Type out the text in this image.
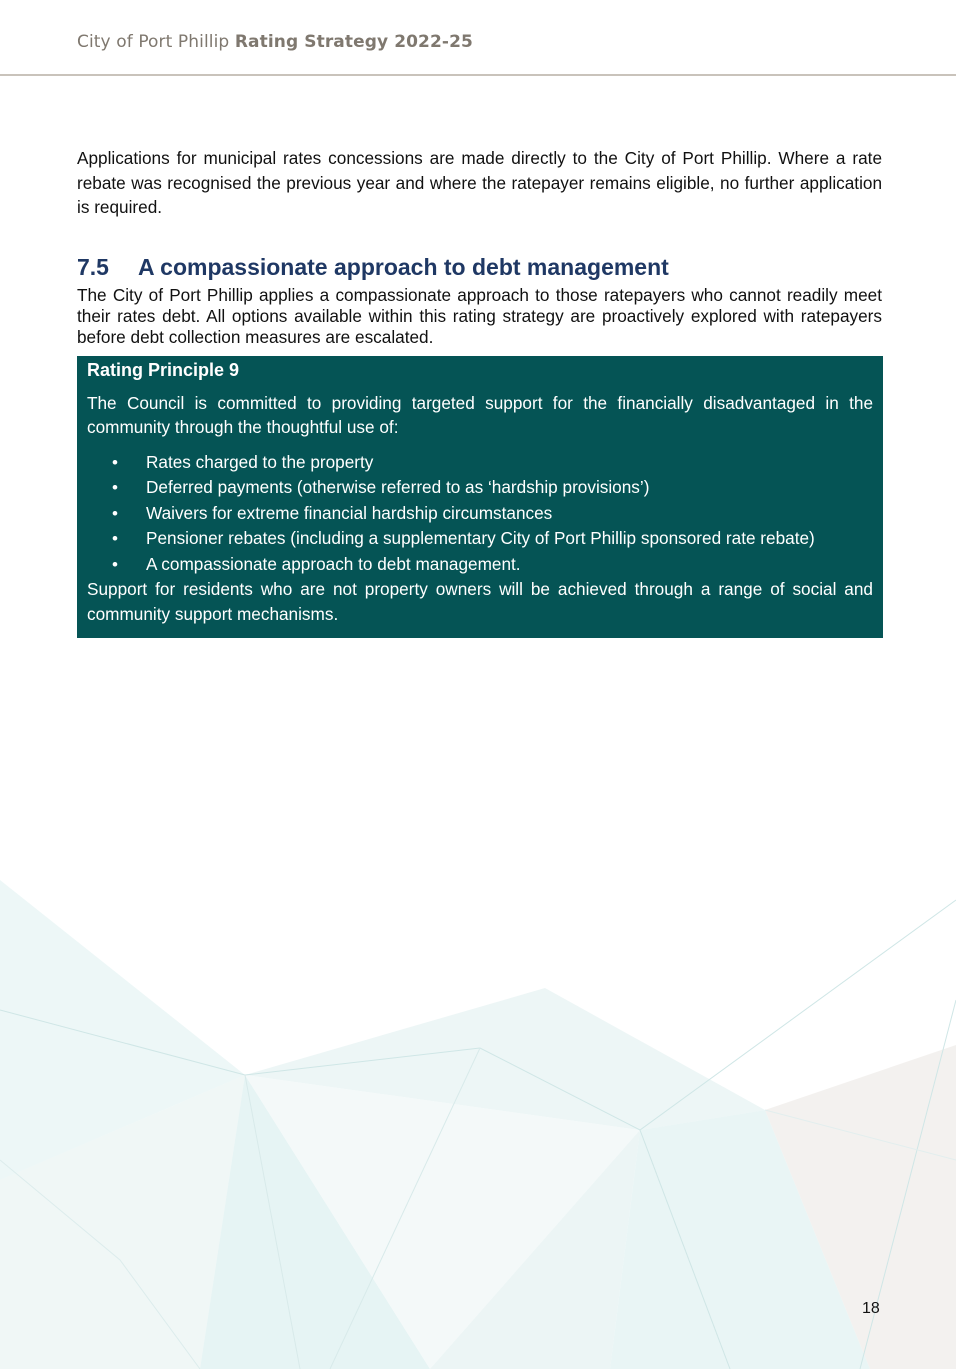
City of Port Phillip Rating Strategy 2022-25

Applications for municipal rates concessions are made directly to the City of Port Phillip. Where a rate rebate was recognised the previous year and where the ratepayer remains eligible, no further application is required.

7.5 A compassionate approach to debt management

The City of Port Phillip applies a compassionate approach to those ratepayers who cannot readily meet their rates debt. All options available within this rating strategy are proactively explored with ratepayers before debt collection measures are escalated.

Rating Principle 9

The Council is committed to providing targeted support for the financially disadvantaged in the community through the thoughtful use of:

• Rates charged to the property
• Deferred payments (otherwise referred to as ‘hardship provisions’)
• Waivers for extreme financial hardship circumstances
• Pensioner rebates (including a supplementary City of Port Phillip sponsored rate rebate)
• A compassionate approach to debt management.

Support for residents who are not property owners will be achieved through a range of social and community support mechanisms.

18
